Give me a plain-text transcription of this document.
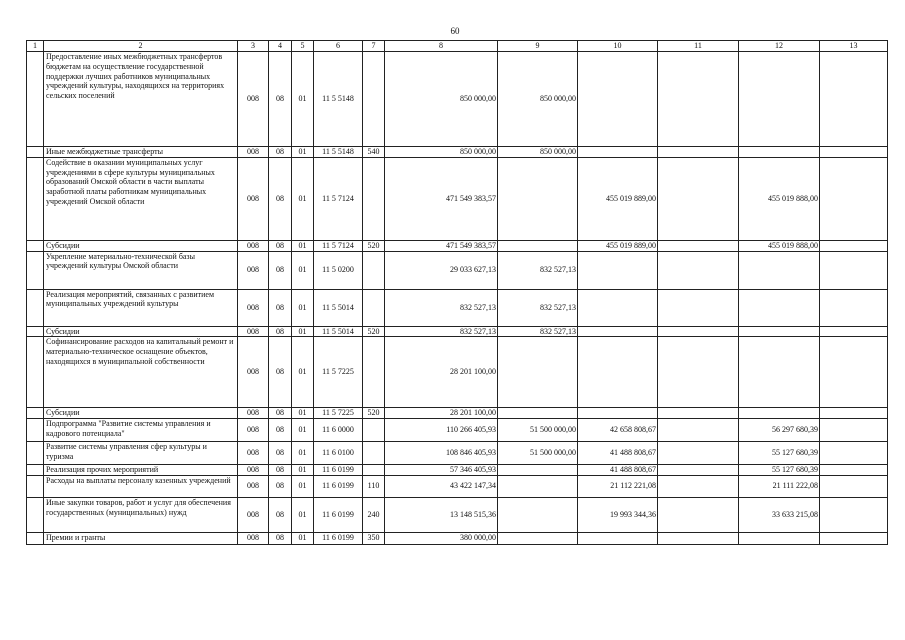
60
1	2	3	4	5	6	7	8	9	10	11	12	13
	Предоставление иных межбюджетных трансфертов бюджетам на осуществление государственной поддержки лучших работников муниципальных учреждений культуры, находящихся на территориях сельских поселений	008	08	01	11 5 5148		850 000,00	850 000,00				
	Иные межбюджетные трансферты	008	08	01	11 5 5148	540	850 000,00	850 000,00				
	Содействие в оказании муниципальных услуг учреждениями в сфере культуры муниципальных образований Омской области в части выплаты заработной платы работникам муниципальных учреждений Омской области	008	08	01	11 5 7124		471 549 383,57		455 019 889,00		455 019 888,00	
	Субсидии	008	08	01	11 5 7124	520	471 549 383,57		455 019 889,00		455 019 888,00	
	Укрепление материально-технической базы учреждений культуры Омской области	008	08	01	11 5 0200		29 033 627,13	832 527,13				
	Реализация мероприятий, связанных с развитием муниципальных учреждений культуры	008	08	01	11 5 5014		832 527,13	832 527,13				
	Субсидии	008	08	01	11 5 5014	520	832 527,13	832 527,13				
	Софинансирование расходов на капитальный ремонт и материально-техническое оснащение объектов, находящихся в муниципальной собственности	008	08	01	11 5 7225		28 201 100,00					
	Субсидии	008	08	01	11 5 7225	520	28 201 100,00					
	Подпрограмма "Развитие системы управления и кадрового потенциала"	008	08	01	11 6 0000		110 266 405,93	51 500 000,00	42 658 808,67		56 297 680,39	
	Развитие системы управления сфер культуры и туризма	008	08	01	11 6 0100		108 846 405,93	51 500 000,00	41 488 808,67		55 127 680,39	
	Реализация прочих мероприятий	008	08	01	11 6 0199		57 346 405,93		41 488 808,67		55 127 680,39	
	Расходы на выплаты персоналу казенных учреждений	008	08	01	11 6 0199	110	43 422 147,34		21 112 221,08		21 111 222,08	
	Иные закупки товаров, работ и услуг для обеспечения государственных (муниципальных) нужд	008	08	01	11 6 0199	240	13 148 515,36		19 993 344,36		33 633 215,08	
	Премии и гранты	008	08	01	11 6 0199	350	380 000,00					
